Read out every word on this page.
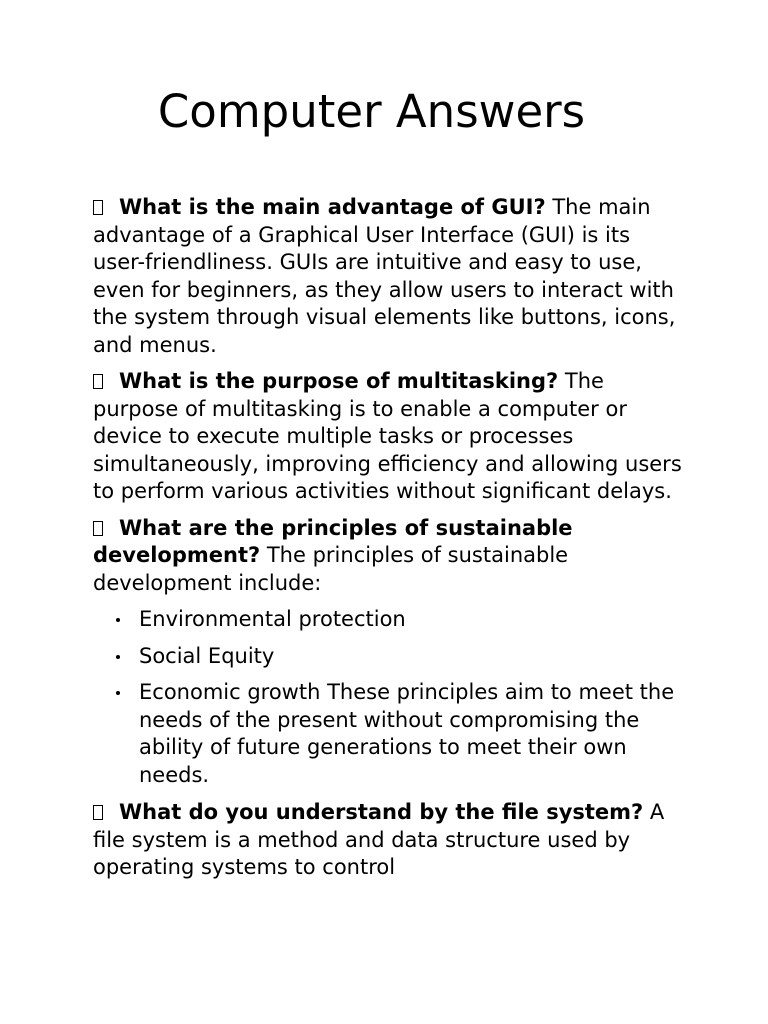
Computer Answers

What is the main advantage of GUI? The main advantage of a Graphical User Interface (GUI) is its user-friendliness. GUIs are intuitive and easy to use, even for beginners, as they allow users to interact with the system through visual elements like buttons, icons, and menus.

What is the purpose of multitasking? The purpose of multitasking is to enable a computer or device to execute multiple tasks or processes simultaneously, improving efficiency and allowing users to perform various activities without significant delays.

What are the principles of sustainable development? The principles of sustainable development include:

Environmental protection
Social Equity
Economic growth These principles aim to meet the needs of the present without compromising the ability of future generations to meet their own needs.

What do you understand by the file system? A file system is a method and data structure used by operating systems to control
